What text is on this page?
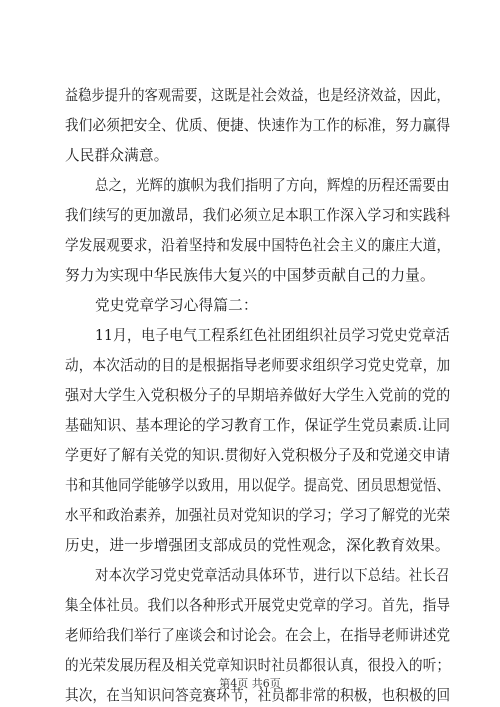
益稳步提升的客观需要，这既是社会效益，也是经济效益，因此，
我们必须把安全、优质、便捷、快速作为工作的标准，努力赢得
人民群众满意。
总之，光辉的旗帜为我们指明了方向，辉煌的历程还需要由
我们续写的更加激昂，我们必须立足本职工作深入学习和实践科
学发展观要求，沿着坚持和发展中国特色社会主义的廉庄大道，
努力为实现中华民族伟大复兴的中国梦贡献自己的力量。
党史党章学习心得篇二：
11月，电子电气工程系红色社团组织社员学习党史党章活
动，本次活动的目的是根据指导老师要求组织学习党史党章，加
强对大学生入党积极分子的早期培养做好大学生入党前的党的
基础知识、基本理论的学习教育工作，保证学生党员素质.让同
学更好了解有关党的知识.贯彻好入党积极分子及和党递交申请
书和其他同学能够学以致用，用以促学。提高党、团员思想觉悟、
水平和政治素养，加强社员对党知识的学习；学习了解党的光荣
历史，进一步增强团支部成员的党性观念，深化教育效果。
对本次学习党史党章活动具体环节，进行以下总结。社长召
集全体社员。我们以各种形式开展党史党章的学习。首先，指导
老师给我们举行了座谈会和讨论会。在会上，在指导老师讲述党
的光荣发展历程及相关党章知识时社员都很认真，很投入的听；
其次，在当知识问答竞赛环节，社员都非常的积极，也积极的回
第4页 共6页
